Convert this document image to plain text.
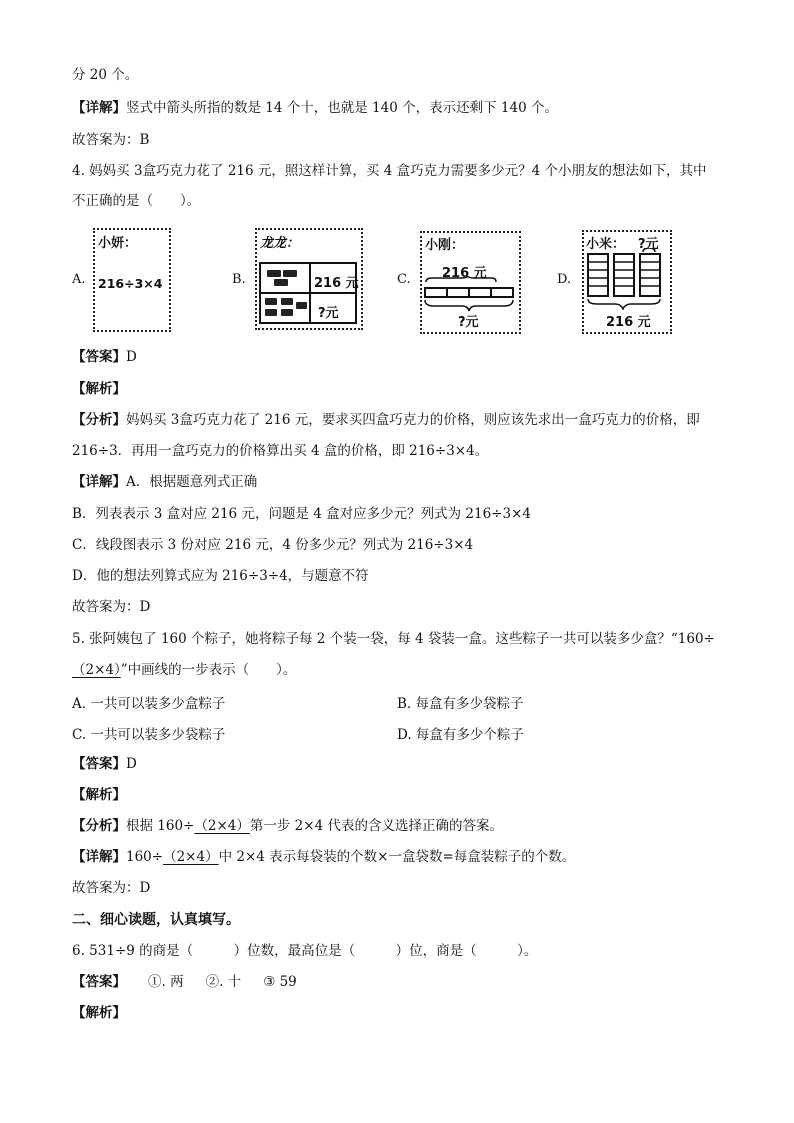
分 20 个。
【详解】竖式中箭头所指的数是 14 个十，也就是 140 个，表示还剩下 140 个。
故答案为：B
4. 妈妈买 3盒巧克力花了 216 元，照这样计算，买 4 盒巧克力需要多少元？4 个小朋友的想法如下，其中
不正确的是（　　）。
A.
小妍：
216÷3×4	B.
龙龙：
216 元
?元
C.
小刚：
216 元
?元
D.
小米： ?元
216 元
【答案】D
【解析】
【分析】妈妈买 3盒巧克力花了 216 元，要求买四盒巧克力的价格，则应该先求出一盒巧克力的价格，即
216÷3．再用一盒巧克力的价格算出买 4 盒的价格，即 216÷3×4。
【详解】A．根据题意列式正确
B．列表表示 3 盒对应 216 元，问题是 4 盒对应多少元？列式为 216÷3×4
C．线段图表示 3 份对应 216 元，4 份多少元？列式为 216÷3×4
D．他的想法列算式应为 216÷3÷4，与题意不符
故答案为：D
5. 张阿姨包了 160 个粽子，她将粽子每 2 个装一袋，每 4 袋装一盒。这些粽子一共可以装多少盒？“160÷
（2×4）”中画线的一步表示（　　）。
A. 一共可以装多少盒粽子	B. 每盒有多少袋粽子
C. 一共可以装多少袋粽子	D. 每盒有多少个粽子
【答案】D
【解析】
【分析】根据 160÷（2×4）第一步 2×4 代表的含义选择正确的答案。
【详解】160÷（2×4）中 2×4 表示每袋装的个数×一盒袋数=每盒装粽子的个数。
故答案为：D
二、细心读题，认真填写。
6. 531÷9 的商是（　　　）位数，最高位是（　　　）位，商是（　　　）。
【答案】 ①. 两 ②. 十 ③ 59
【解析】
